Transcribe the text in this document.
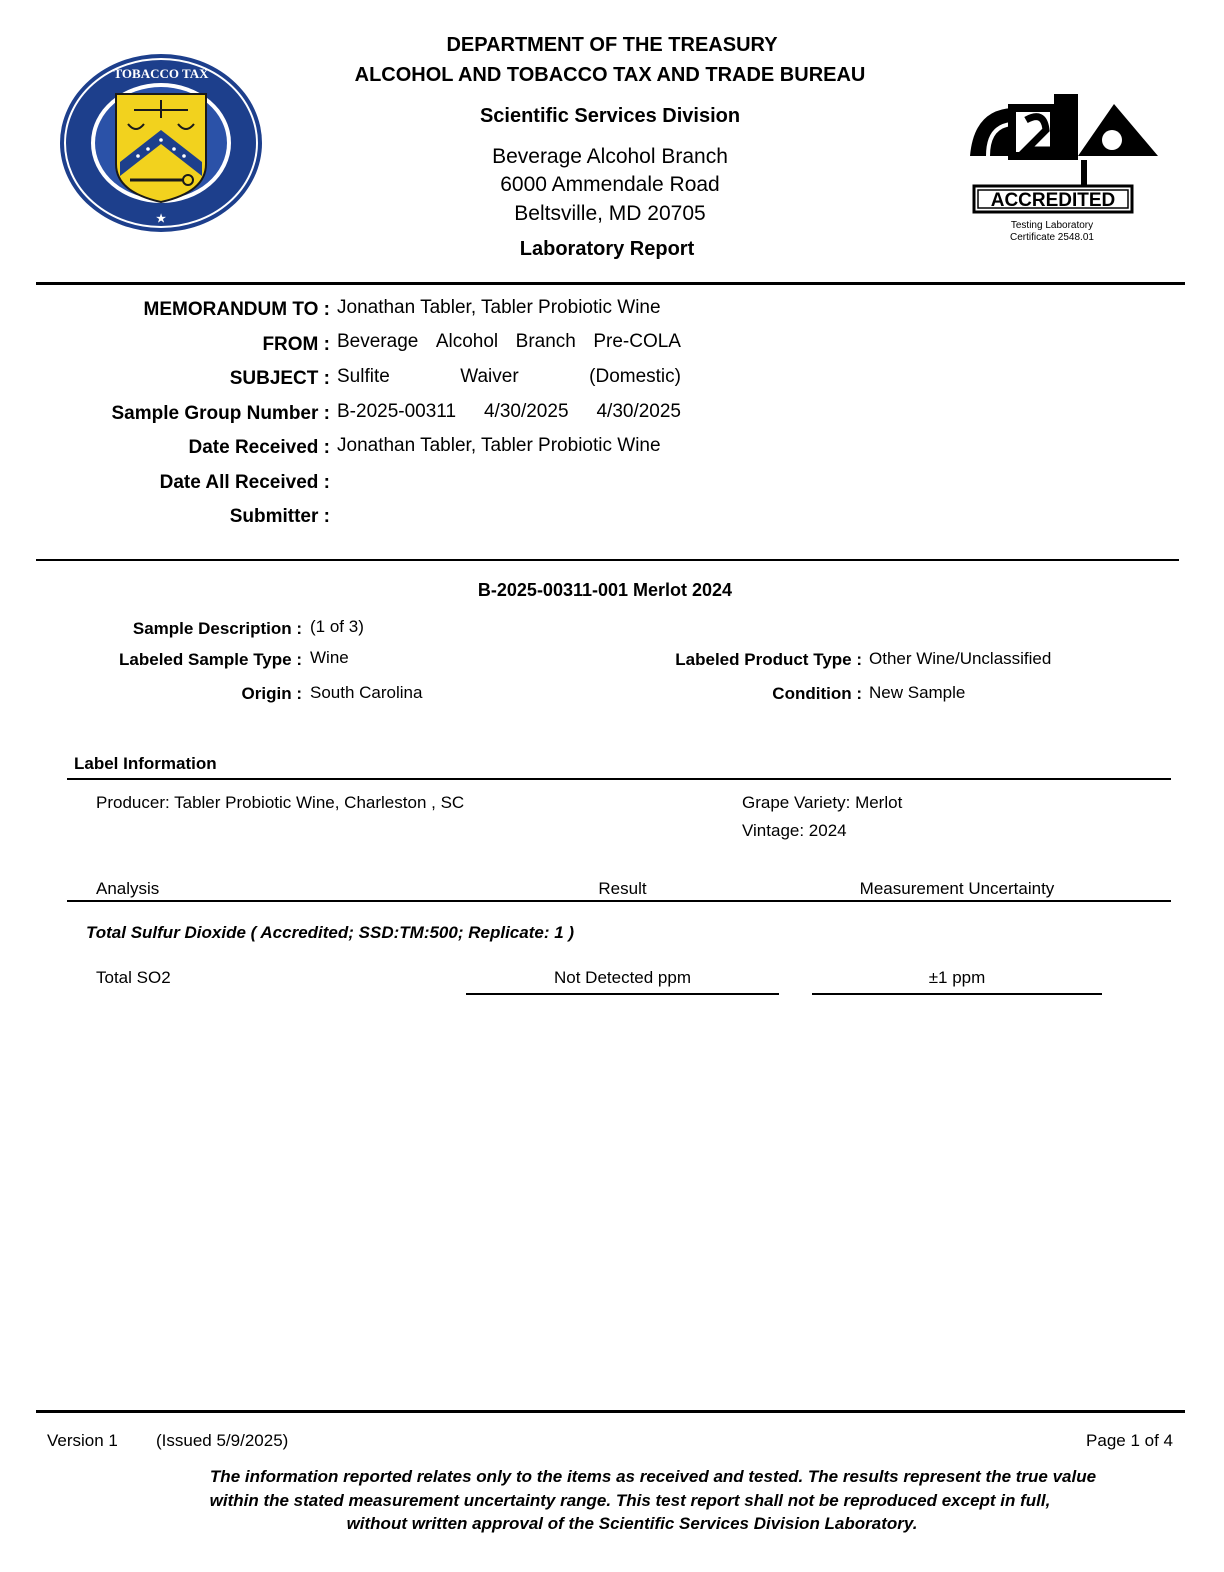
TOBACCO TAX
★
DEPARTMENT OF THE TREASURY
ALCOHOL AND TOBACCO TAX AND TRADE BUREAU
Scientific Services Division
Beverage Alcohol Branch
6000 Ammendale Road
Beltsville, MD 20705
Laboratory Report
ACCREDITED
Testing Laboratory
Certificate 2548.01
MEMORANDUM TO : Jonathan Tabler, Tabler Probiotic Wine
FROM : Beverage Alcohol Branch Pre-COLA
SUBJECT : Sulfite	Waiver	(Domestic)
Sample Group Number : B-2025-00311 4/30/2025 4/30/2025
Date Received : Jonathan Tabler, Tabler Probiotic Wine
Date All Received :
Submitter :
B-2025-00311-001 Merlot 2024
Sample Description : (1 of 3)
Labeled Sample Type : Wine	Labeled Product Type : Other Wine/Unclassified
Origin : South Carolina	Condition : New Sample
Label Information
Producer: Tabler Probiotic Wine, Charleston , SC	Grape Variety: Merlot
Vintage: 2024
Analysis	Result	Measurement Uncertainty
Total Sulfur Dioxide ( Accredited; SSD:TM:500; Replicate: 1 )
Total SO2	Not Detected ppm	±1 ppm
Version 1 (Issued 5/9/2025)	Page 1 of 4
The information reported relates only to the items as received and tested. The results represent the true value
within the stated measurement uncertainty range. This test report shall not be reproduced except in full,
without written approval of the Scientific Services Division Laboratory.
